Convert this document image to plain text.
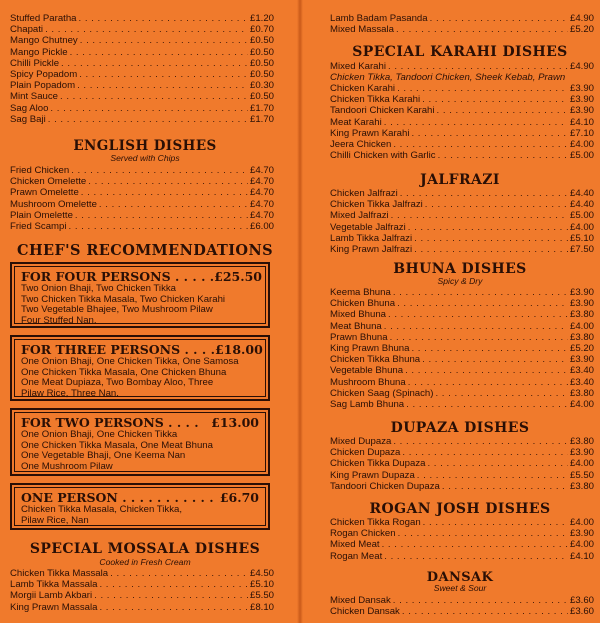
Stuffed Paratha . . .	£1.20
Chapati . . .	£0.70
Mango Chutney . . .	£0.50
Mango Pickle . . .	£0.50
Chilli Pickle . . .	£0.50
Spicy Popadom . . .	£0.50
Plain Popadom . . .	£0.30
Mint Sauce . . .	£0.50
Sag Aloo . . .	£1.70
Sag Baji . . .	£1.70
ENGLISH DISHES
Served with Chips
Fried Chicken . . .	£4.70
Chicken Omelette . . .	£4.70
Prawn Omelette . . .	£4.70
Mushroom Omelette . . .	£4.70
Plain Omelette . . .	£4.70
Fried Scampi . . .	£6.00
CHEF'S RECOMMENDATIONS
FOR FOUR PERSONS . . . . . £25.50
Two Onion Bhaji, Two Chicken Tikka
Two Chicken Tikka Masala, Two Chicken Karahi
Two Vegetable Bhajee, Two Mushroom Pilaw
Four Stuffed Nan.
FOR THREE PERSONS . . . . £18.00
One Onion Bhaji, One Chicken Tikka, One Samosa
One Chicken Tikka Masala, One Chicken Bhuna
One Meat Dupiaza, Two Bombay Aloo, Three
Pilaw Rice, Three Nan.
FOR TWO PERSONS . . . . £13.00
One Onion Bhaji, One Chicken Tikka
One Chicken Tikka Masala, One Meat Bhuna
One Vegetable Bhaji, One Keema Nan
One Mushroom Pilaw
ONE PERSON . . . . . . . . . . . £6.70
Chicken Tikka Masala, Chicken Tikka,
Pilaw Rice, Nan
SPECIAL MOSSALA DISHES
Cooked in Fresh Cream
Chicken Tikka Massala . . .	£4.50
Lamb Tikka Massala . . .	£5.10
Morgii Lamb Akbari . . .	£5.50
King Prawn Massala . . .	£8.10
Lamb Badam Pasanda . . .	£4.90
Mixed Massala . . .	£5.20
SPECIAL KARAHI DISHES
Mixed Karahi . . .	£4.90
Chicken Tikka, Tandoori Chicken, Sheek Kebab, Prawn
Chicken Karahi . . .	£3.90
Chicken Tikka Karahi . . .	£3.90
Tandoori Chicken Karahi . . .	£3.90
Meat Karahi . . .	£4.10
King Prawn Karahi . . .	£7.10
Jeera Chicken . . .	£4.00
Chilli Chicken with Garlic . . .	£5.00
JALFRAZI
Chicken Jalfrazi . . .	£4.40
Chicken Tikka Jalfrazi . . .	£4.40
Mixed Jalfrazi . . .	£5.00
Vegetable Jalfrazi . . .	£4.00
Lamb Tikka Jalfrazi . . .	£5.10
King Prawn Jalfrazi . . .	£7.50
BHUNA DISHES
Spicy & Dry
Keema Bhuna . . .	£3.90
Chicken Bhuna . . .	£3.90
Mixed Bhuna . . .	£3.80
Meat Bhuna . . .	£4.00
Prawn Bhuna . . .	£3.80
King Prawn Bhuna . . .	£5.20
Chicken Tikka Bhuna . . .	£3.90
Vegetable Bhuna . . .	£3.40
Mushroom Bhuna . . .	£3.40
Chicken Saag (Spinach) . . .	£3.80
Sag Lamb Bhuna . . .	£4.00
DUPAZA DISHES
Mixed Dupaza . . .	£3.80
Chicken Dupaza . . .	£3.90
Chicken Tikka Dupaza . . .	£4.00
King Prawn Dupaza . . .	£5.50
Tandoori Chicken Dupaza . . .	£3.80
ROGAN JOSH DISHES
Chicken Tikka Rogan . . .	£4.00
Rogan Chicken . . .	£3.90
Mixed Meat . . .	£4.00
Rogan Meat . . .	£4.10
DANSAK
Sweet & Sour
Mixed Dansak . . .	£3.60
Chicken Dansak . . .	£3.60
